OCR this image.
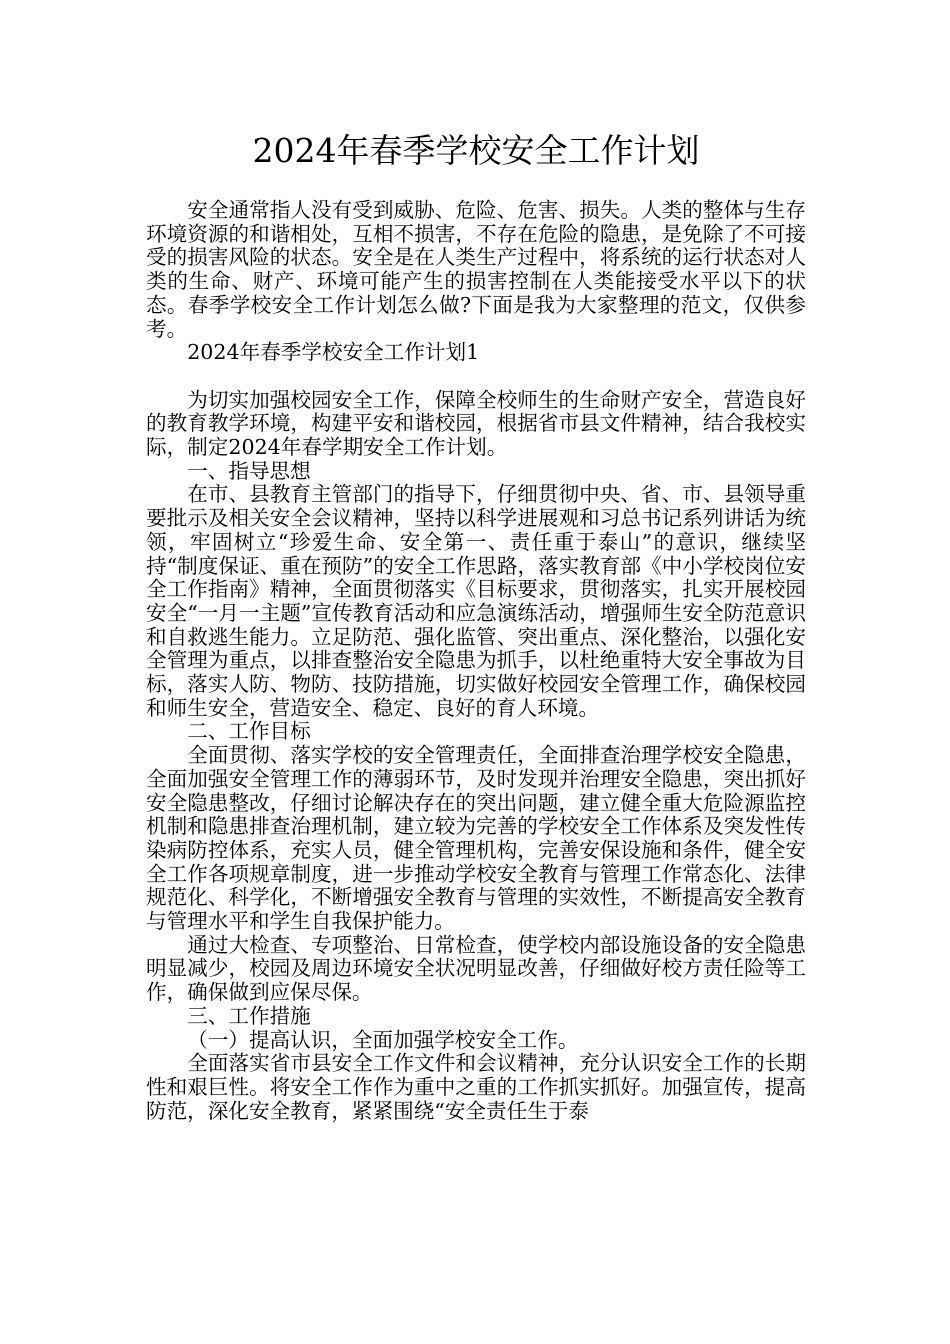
2024年春季学校安全工作计划

安全通常指人没有受到威胁、危险、危害、损失。人类的整体与生存环境资源的和谐相处，互相不损害，不存在危险的隐患，是免除了不可接受的损害风险的状态。安全是在人类生产过程中，将系统的运行状态对人类的生命、财产、环境可能产生的损害控制在人类能接受水平以下的状态。春季学校安全工作计划怎么做?下面是我为大家整理的范文，仅供参考。

2024年春季学校安全工作计划1

为切实加强校园安全工作，保障全校师生的生命财产安全，营造良好的教育教学环境，构建平安和谐校园，根据省市县文件精神，结合我校实际，制定2024年春学期安全工作计划。

一、指导思想

在市、县教育主管部门的指导下，仔细贯彻中央、省、市、县领导重要批示及相关安全会议精神，坚持以科学进展观和习总书记系列讲话为统领，牢固树立“珍爱生命、安全第一、责任重于泰山”的意识，继续坚持“制度保证、重在预防”的安全工作思路，落实教育部《中小学校岗位安全工作指南》精神，全面贯彻落实《目标要求，贯彻落实，扎实开展校园安全“一月一主题”宣传教育活动和应急演练活动，增强师生安全防范意识和自救逃生能力。立足防范、强化监管、突出重点、深化整治，以强化安全管理为重点，以排查整治安全隐患为抓手，以杜绝重特大安全事故为目标，落实人防、物防、技防措施，切实做好校园安全管理工作，确保校园和师生安全，营造安全、稳定、良好的育人环境。

二、工作目标

全面贯彻、落实学校的安全管理责任，全面排查治理学校安全隐患，全面加强安全管理工作的薄弱环节，及时发现并治理安全隐患，突出抓好安全隐患整改，仔细讨论解决存在的突出问题，建立健全重大危险源监控机制和隐患排查治理机制，建立较为完善的学校安全工作体系及突发性传染病防控体系，充实人员，健全管理机构，完善安保设施和条件，健全安全工作各项规章制度，进一步推动学校安全教育与管理工作常态化、法律规范化、科学化，不断增强安全教育与管理的实效性，不断提高安全教育与管理水平和学生自我保护能力。

通过大检查、专项整治、日常检查，使学校内部设施设备的安全隐患明显减少，校园及周边环境安全状况明显改善，仔细做好校方责任险等工作，确保做到应保尽保。

三、工作措施

（一）提高认识，全面加强学校安全工作。

全面落实省市县安全工作文件和会议精神，充分认识安全工作的长期性和艰巨性。将安全工作作为重中之重的工作抓实抓好。加强宣传，提高防范，深化安全教育，紧紧围绕“安全责任生于泰
